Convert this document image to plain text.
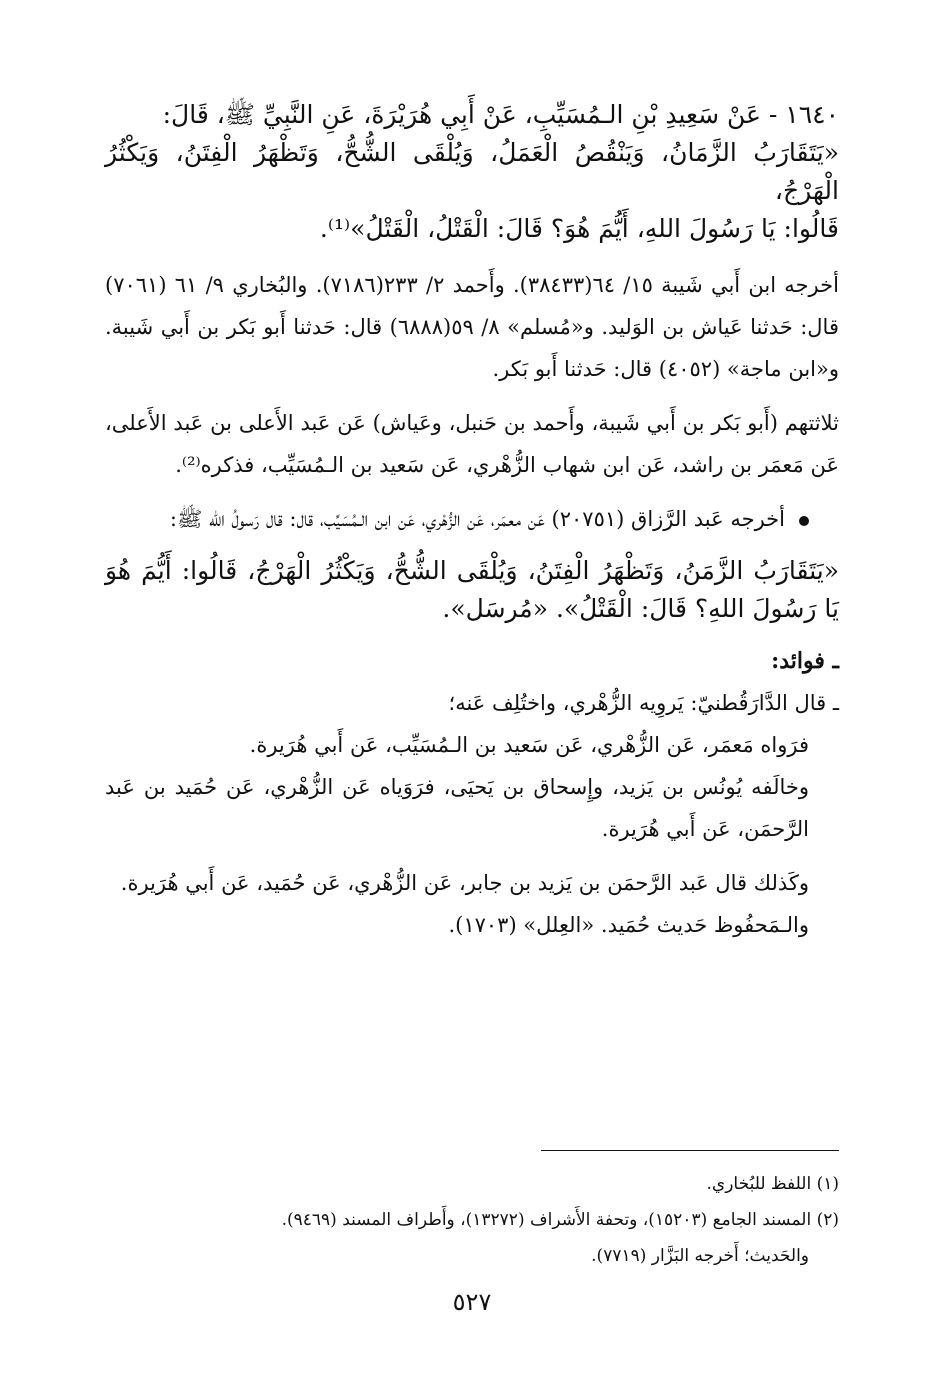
١٦٤٠ - عَنْ سَعِيدِ بْنِ الـمُسَيِّبِ، عَنْ أَبِي هُرَيْرَةَ، عَنِ النَّبِيِّ ﷺ، قَالَ:
«يَتَقَارَبُ الزَّمَانُ، وَيَنْقُصُ الْعَمَلُ، وَيُلْقَى الشُّحُّ، وَتَظْهَرُ الْفِتَنُ، وَيَكْثُرُ الْهَرْجُ،
قَالُوا: يَا رَسُولَ اللهِ، أَيُّمَ هُوَ؟ قَالَ: الْقَتْلُ، الْقَتْلُ»⁽¹⁾.

أخرجه ابن أَبي شَيبة ١٥/ ٦٤(٣٨٤٣٣). وأَحمد ٢/ ٢٣٣(٧١٨٦). والبُخاري ٩/ ٦١ (٧٠٦١) قال: حَدثنا عَياش بن الوَليد. و«مُسلم» ٨/ ٥٩(٦٨٨٨) قال: حَدثنا أَبو بَكر بن أَبي شَيبة. و«ابن ماجة» (٤٠٥٢) قال: حَدثنا أَبو بَكر.

ثلاثتهم (أَبو بَكر بن أَبي شَيبة، وأَحمد بن حَنبل، وعَياش) عَن عَبد الأَعلى بن عَبد الأَعلى، عَن مَعمَر بن راشد، عَن ابن شهاب الزُّهْري، عَن سَعيد بن الـمُسَيِّب، فذكره⁽²⁾.

أخرجه عَبد الرَّزاق (٢٠٧٥١) عَن معمَر، عَن الزُّهْري، عَن ابن الـمُسَيِّب، قال: قال رَسولُ الله ﷺ:

«يَتَقَارَبُ الزَّمَنُ، وَتَظْهَرُ الْفِتَنُ، وَيُلْقَى الشُّحُّ، وَيَكْثُرُ الْهَرْجُ، قَالُوا: أَيُّمَ هُوَ يَا رَسُولَ اللهِ؟ قَالَ: الْقَتْلُ». «مُرسَل».

ـ فوائد:

ـ قال الدَّارَقُطنيّ: يَروِيه الزُّهْري، واختُلِف عَنه؛

فرَواه مَعمَر، عَن الزُّهْري، عَن سَعيد بن الـمُسَيِّب، عَن أَبي هُرَيرة.

وخالَفه يُونُس بن يَزيد، وإِسحاق بن يَحيَى، فرَوَياه عَن الزُّهْري، عَن حُمَيد بن عَبد الرَّحمَن، عَن أَبي هُرَيرة.

وكَذلك قال عَبد الرَّحمَن بن يَزيد بن جابر، عَن الزُّهْري، عَن حُمَيد، عَن أَبي هُرَيرة.

والـمَحفُوظ حَديث حُمَيد. «العِلل» (١٧٠٣).

(١) اللفظ للبُخاري.

(٢) المسند الجامع (١٥٢٠٣)، وتحفة الأَشراف (١٣٢٧٢)، وأَطراف المسند (٩٤٦٩).

والحَديث؛ أَخرجه البَزَّار (٧٧١٩).

٥٢٧
